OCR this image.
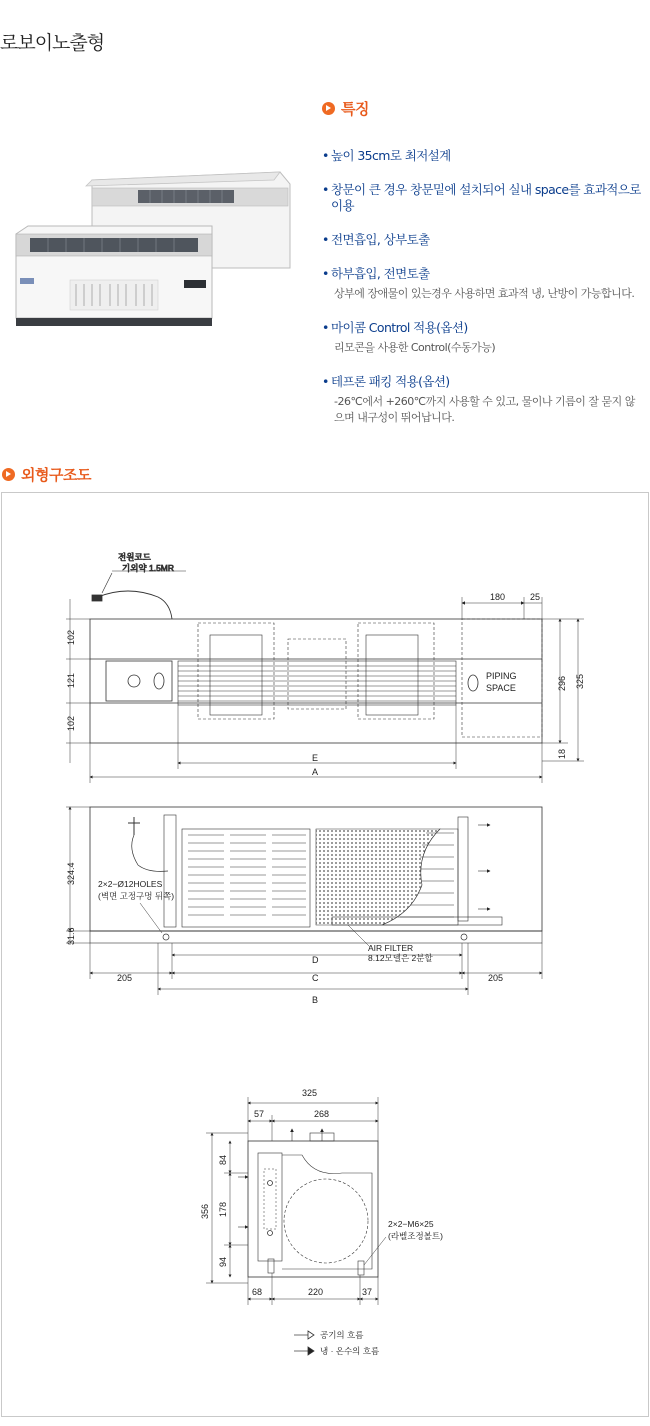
로보이노출형
특징
• 높이 35cm로 최저설계
• 창문이 큰 경우 창문밑에 설치되어 실내 space를 효과적으로 이용
• 전면흡입, 상부토출
• 하부흡입, 전면토출
상부에 장애물이 있는경우 사용하면 효과적 냉, 난방이 가능합니다.
• 마이콤 Control 적용(옵션)
리모콘을 사용한 Control(수동가능)
• 테프론 패킹 적용(옵션)
-26℃에서 +260℃까지 사용할 수 있고, 물이나 기름이 잘 묻지 않으며 내구성이 뛰어납니다.
외형구조도
전원코드
기외약 1.5MR
PIPING
SPACE
180	25
102
121
102
296 325
18
E
A
2×2−Ø12HOLES
(벽면 고정구멍 뒤쪽)
AIR FILTER
8.12모델은 2분할
324.4
31.6
D
205	C	205
B
325
57	268
84
356 178
94
68	220	37
2×2−M6×25
(라벨조정볼트)
공기의 흐름
냉 · 온수의 흐름
